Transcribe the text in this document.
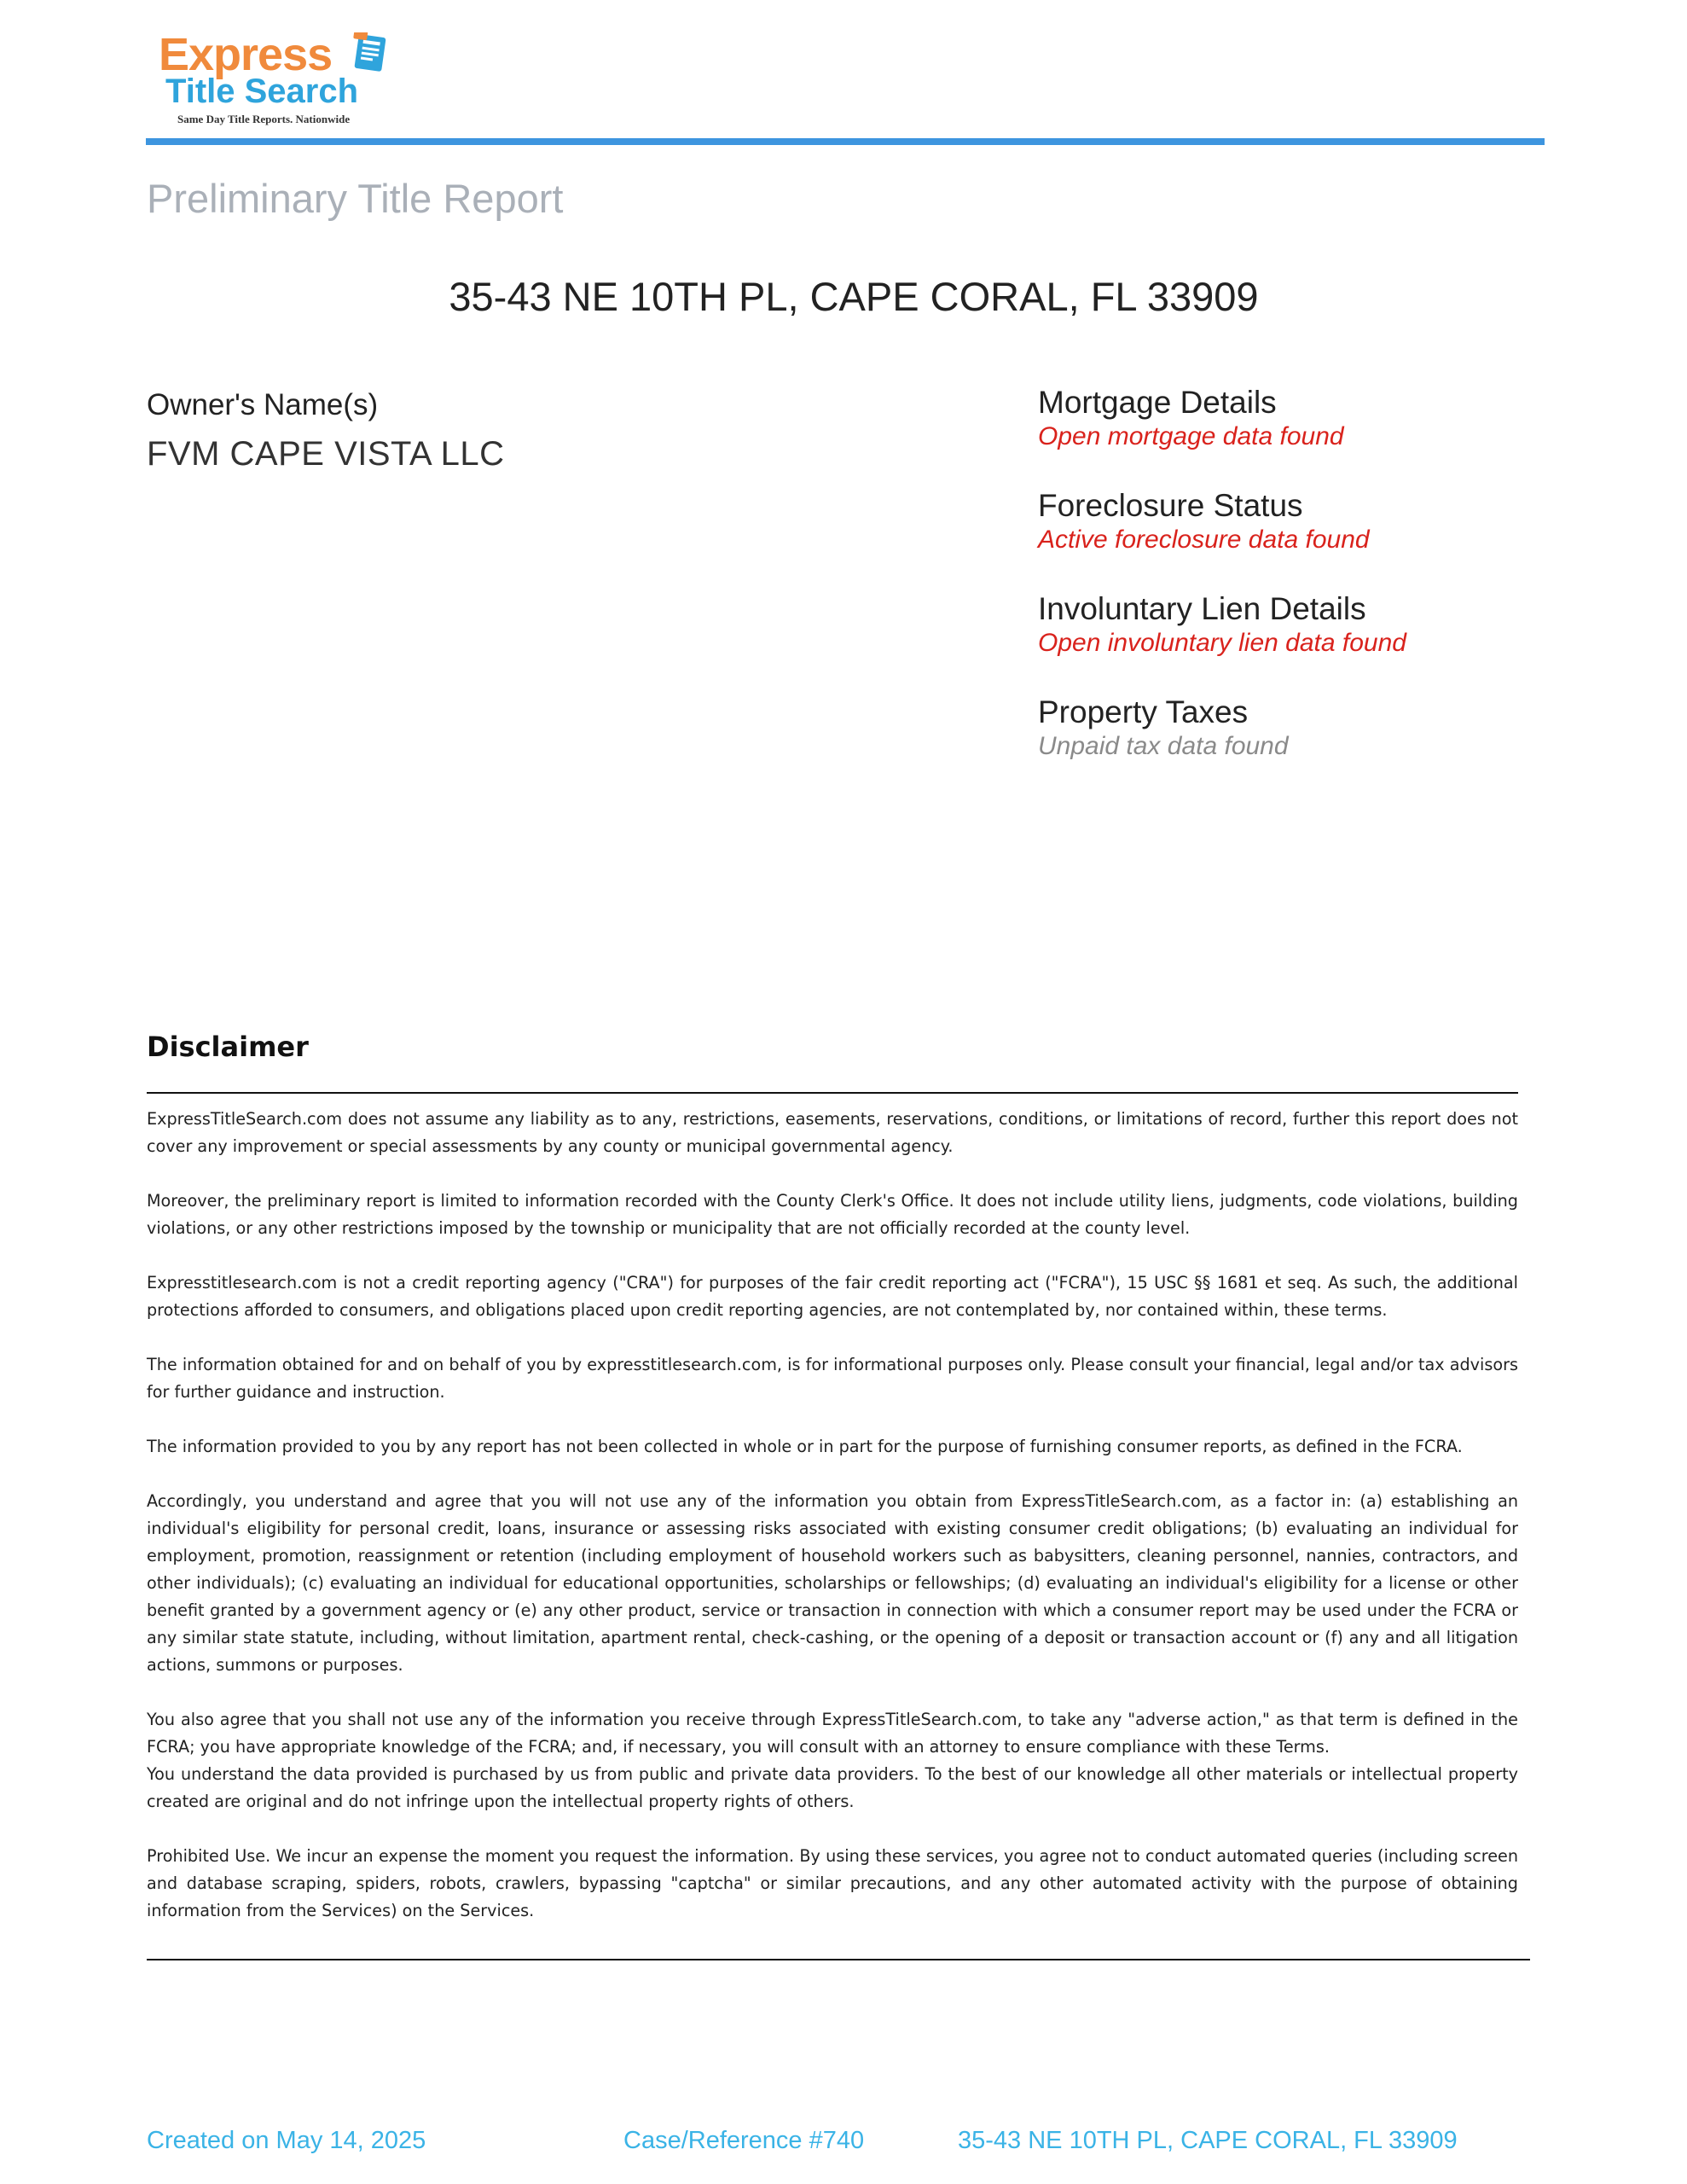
Express
Title Search
Same Day Title Reports. Nationwide
Preliminary Title Report
35-43 NE 10TH PL, CAPE CORAL, FL 33909
Owner's Name(s)
FVM CAPE VISTA LLC
Mortgage Details
Open mortgage data found
Foreclosure Status
Active foreclosure data found
Involuntary Lien Details
Open involuntary lien data found
Property Taxes
Unpaid tax data found
Disclaimer

ExpressTitleSearch.com does not assume any liability as to any, restrictions, easements, reservations, conditions, or limitations of record, further this report does not cover any improvement or special assessments by any county or municipal governmental agency.

Moreover, the preliminary report is limited to information recorded with the County Clerk's Office. It does not include utility liens, judgments, code violations, building violations, or any other restrictions imposed by the township or municipality that are not officially recorded at the county level.

Expresstitlesearch.com is not a credit reporting agency ("CRA") for purposes of the fair credit reporting act ("FCRA"), 15 USC §§ 1681 et seq. As such, the additional protections afforded to consumers, and obligations placed upon credit reporting agencies, are not contemplated by, nor contained within, these terms.

The information obtained for and on behalf of you by expresstitlesearch.com, is for informational purposes only. Please consult your financial, legal and/or tax advisors for further guidance and instruction.

The information provided to you by any report has not been collected in whole or in part for the purpose of furnishing consumer reports, as defined in the FCRA.

Accordingly, you understand and agree that you will not use any of the information you obtain from ExpressTitleSearch.com, as a factor in: (a) establishing an individual's eligibility for personal credit, loans, insurance or assessing risks associated with existing consumer credit obligations; (b) evaluating an individual for employment, promotion, reassignment or retention (including employment of household workers such as babysitters, cleaning personnel, nannies, contractors, and other individuals); (c) evaluating an individual for educational opportunities, scholarships or fellowships; (d) evaluating an individual's eligibility for a license or other benefit granted by a government agency or (e) any other product, service or transaction in connection with which a consumer report may be used under the FCRA or any similar state statute, including, without limitation, apartment rental, check-cashing, or the opening of a deposit or transaction account or (f) any and all litigation actions, summons or purposes.

You also agree that you shall not use any of the information you receive through ExpressTitleSearch.com, to take any "adverse action," as that term is defined in the FCRA; you have appropriate knowledge of the FCRA; and, if necessary, you will consult with an attorney to ensure compliance with these Terms.

You understand the data provided is purchased by us from public and private data providers. To the best of our knowledge all other materials or intellectual property created are original and do not infringe upon the intellectual property rights of others.

Prohibited Use. We incur an expense the moment you request the information. By using these services, you agree not to conduct automated queries (including screen and database scraping, spiders, robots, crawlers, bypassing "captcha" or similar precautions, and any other automated activity with the purpose of obtaining information from the Services) on the Services.

Created on May 14, 2025	Case/Reference #740	35-43 NE 10TH PL, CAPE CORAL, FL 33909
